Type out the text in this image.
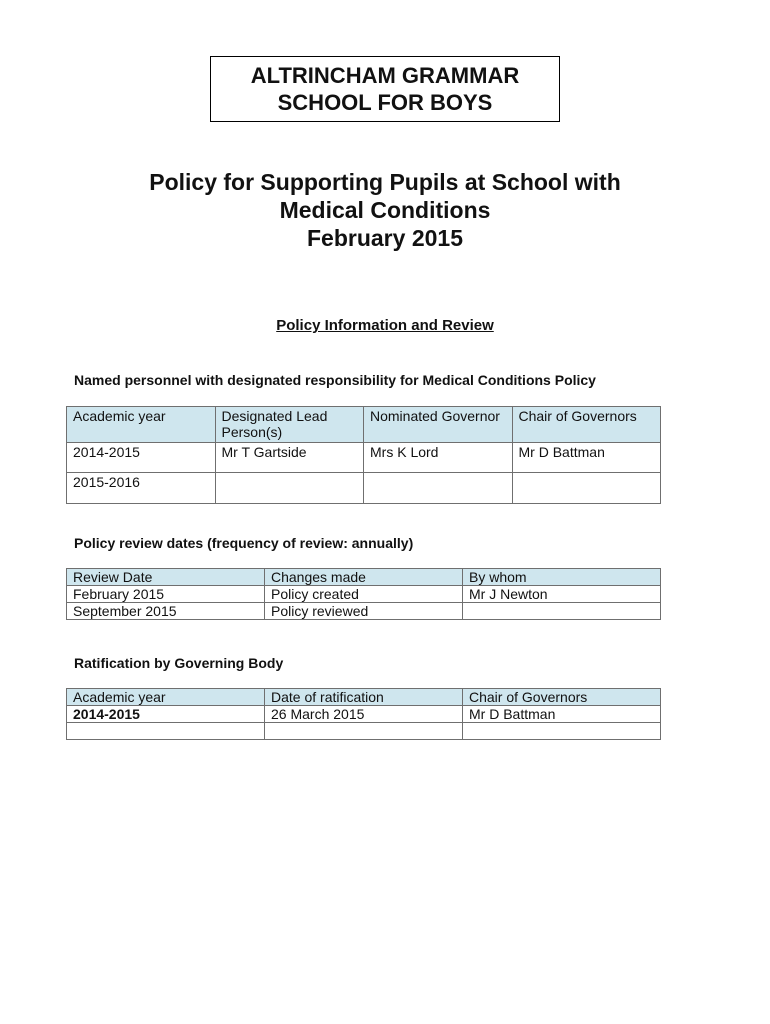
ALTRINCHAM GRAMMAR
SCHOOL FOR BOYS
Policy for Supporting Pupils at School with
Medical Conditions
February 2015
Policy Information and Review
Named personnel with designated responsibility for Medical Conditions Policy
Academic year	Designated Lead Person(s)	Nominated Governor	Chair of Governors
2014-2015	Mr T Gartside	Mrs K Lord	Mr D Battman
2015-2016			
Policy review dates (frequency of review: annually)
Review Date	Changes made	By whom
February 2015	Policy created	Mr J Newton
September 2015	Policy reviewed	
Ratification by Governing Body
Academic year	Date of ratification	Chair of Governors
2014-2015	26 March 2015	Mr D Battman
